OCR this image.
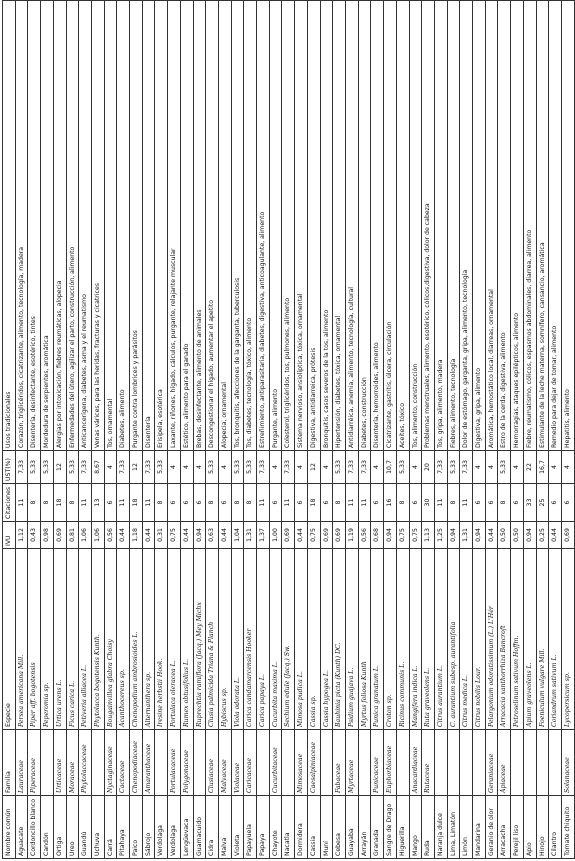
Nombre común	Familia	Especie	IVU	Citaciones	UST(%)	Usos tradicionales
Aguacate	Lauraceae	Persea americana Mill.	1,12	11	7,33	Corazón, triglicéridos, cicatrizante, alimento, tecnología, madera
Cordoncillo blanco	Piperaceae	Piper aff. bogotensis	0,43	8	5,33	Disentería, desinfectante, esotérico, tintes
Candón		Peperomia sp.	0,98	8	5,33	Mordedura de serpientes, aromática
Ortiga	Urticaceae	Urtica urens L.	0,69	18	12	Alergias por intoxicación, fiebres reumáticas, alopecia
Ureo	Moraceae	Ficus carica L.	0,81	8	5,33	Enfermedades del útero, agilizar el parto, construcción, alimento
Guandú	Phytolaccaceae	Petiveria alliacea L.	1,06	11	7,33	Anticancerígena, diabetes, asma y el reumatismo
Uchuva		Phytolacca bogotensis Kunth.	1,06	13	8,67	Venas várices, para las heridas, fracturas y cicatrices
Carrá	Nyctaginaceae	Bougainvillea glabra Choisy	0,56	6	4	Tos, ornamental
Pitahaya	Cactaceae	Acanthocereus sp.	0,44	11	7,33	Diabetes, alimento
Paico	Chenopodiaceae	Chenopodium ambrosioides L.	1,18	18	12	Purgante contra lombrices y parásitos
Sábrojo	Amaranthaceae	Alternanthera sp.	0,44	11	7,33	Disentería
Verdolaga		Iresine herbstii Hook.	0,31	8	5,33	Erisipela, esotérica
Verdolaga	Portulacaceae	Portulaca oleracea L.	0,75	6	4	Laxante, riñones, hígado, cálculos, purgante, relajante muscular
Lengüevaca	Polygonaceae	Rumex obtusifolius L.	0,44	6	4	Estético, alimento para el ganado
Guamacuido		Ruprechtia ramiflora (Jacq.) Mey Michx	0,94	6	4	Brebas, desinfectante, alimento de animales
Cidra	Clusiaceae	Clusia palmicida Triana & Planch	0,63	8	5,33	Descongestionar el hígado, aumentar el apetito
Malva	Malvaceae	Hybiscus sp.	0,44	6	4	Alopecia, ornamental
Violeta	Violaceae	Viola odorata L.	1,04	8	5,33	Tos, bronquitis, afecciones de la garganta, tuberculosis
Papayuela	Caricaceae	Carica candamarcensis Hooker	1,31	8	5,33	Tos, diabetes, tecnología, tóxico, alimento
Papaya		Carica papaya L.	1,37	11	7,33	Estreñimiento, antiparasitaria, diabetes, digestiva, anticoagulante, alimento
Chayote	Cucurbitaceae	Cucurbita maxima L.	1,00	6	4	Purgante, alimento
Nacatla		Sechium edule (Jacq.) Sw.	0,69	11	7,33	Colesterol, triglicéridos, tos, pulmones, alimento
Dormidera	Mimosaceae	Mimosa pudica L.	0,44	6	4	Sistema nervioso, ansiolíptica, tóxica, ornamental
Cassia	Caesalpiniaceae	Cassia sp.	0,75	18	12	Digestiva, antidiarreica, prótesis
Muní		Cassia hypogea L.	0,69	6	4	Bronquitis, casos severos de la tos, alimento
Cebesa	Fabaceae	Bauhinia picta (Kunth) DC.	0,69	8	5,33	Hipertensión, diabetes, tóxica, ornamental
Guayaba	Myrtaceae	Psidium guajava L.	1,19	11	7,33	Antidiarréica, anemia, alimento, tecnología, cultural
Arrayán		Myrtus foliosa Kunth	0,56	11	7,33	Diabetes, construcción
Granada	Punicaceae	Punica granatum L.	0,68	6	4	Disentería, hemorroides, alimento
Sangre de Drago	Euphorbiaceae	Croton sp.	0,94	16	10,7	Cicatrizante, gastritis, úlcera, circulación
Higuerilla		Ricinus communis L.	0,75	8	5,33	Aceites, tóxico
Mango	Anacardiaceae	Mangifera indica L.	0,75	6	4	Tos, alimento, construcción
Ruda	Rutaceae	Ruta graveolens L.	1,13	30	20	Problemas menstruales, alimento, esotérico, cólicos,digestiva, dolor de cabeza
Naranja dulce		Citrus aurantium L.	1,25	11	7,33	Tos, gripa, alimento, madera
Lima, Limatón		C. aurantium subesp. aurantifolia	0,94	8	5,33	Fiebres, alimento, tecnología
Limón		Citrus medica L.	1,31	11	7,33	Dolor de estómago, garganta, gripa, alimento, tecnología
Mandarina		Citrus nobilis Lour.	0,94	6	4	Digestiva, gripa, alimento
Geranio de olor	Geraniaceae	Pelargonium odoratissimum (L.) L'Hér	0,44	6	4	Aromática, hemostático local, diarreas, ornamental
Arracacha	Apiaceae	Arracacia xanthorrhiza Bancroft	0,50	8	5,33	Estro de la cerda, digestiva, alimento
Perejil liso		Petroselinum sativum Hoffm.	0,50	6	4	Hemorragias, ataques epilépticos, alimento
Apio		Apium graveolens L.	0,94	33	22	Fiebre, reumatismo, cólicos, espasmos abdominales, diarrea, alimento
Hinojo		Foeniculum vulgare Mill.	0,25	25	16,7	Estimulante de la leche materna, somnífero, cansancio, aromática
Cilantro		Coriandrum sativum L.	0,44	6	4	Remedio para dejar de tomar, alimento
Tomate chiquito	Solanaceae	Lycopersicum sp.	0,69	6	4	Hepatitis, alimento
